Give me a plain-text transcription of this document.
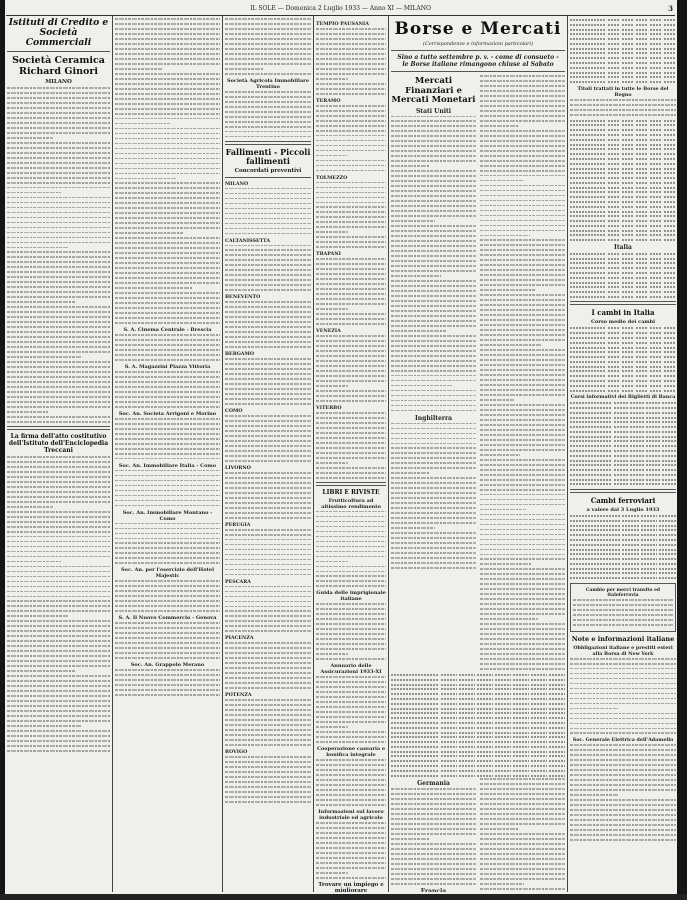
IL SOLE — Domenica 2 Luglio 1933 — Anno XI — MILANO	3
Istituti di Credito e Società Commerciali
Società Ceramica Richard Ginori
MILANO
La firma dell'atto costitutivo dell'Istituto dell'Enciclopedia Treccani
S. A. Cinema Centrale - Brescia
S. A. Magazzini Piazza Vittoria
Soc. An. Societa Arrigoni e Morino
Soc. An. Immobiliare Italia - Como
Soc. An. Immobiliare Montano - Como
Soc. An. per l'esercizio dell'Hotel Majestic
S. A. Il Nuovo Commercio - Genova
Soc. An. Grappolo Merano
Società Agricola Immobiliare Trentino
Fallimenti - Piccoli fallimenti
Concordati preventivi
MILANO
CALTANISSETTA
BENEVENTO
BERGAMO
COMO
LIVORNO
PERUGIA
PESCARA
PIACENZA
POTENZA
ROVIGO
TEMPIO PAUSANIA
TERAMO
TOLMEZZO
TRAPANI
VENEZIA
VITERBO
LIBRI E RIVISTE
Frutticoltura ad altissimo rendimento
Guida delle imprigionale italiane
Annuario delle Assicurazioni 1933-XI
Cooperazione casearia e bonifica integrale
Informazioni sul lavoro industriale ed agricolo
Trovare un impiego e migliorare
Borse e Mercati
(Corrispondenze e informazioni particolari)
Sino a tutto settembre p. v. - come di consueto - le Borse italiane rimangono chiuse al Sabato
Mercati Finanziari e Mercati Monetari
Stati Uniti
Inghilterra
Germania
Francia
Titoli trattati in tutte le Borse del Regno
Italia
I cambi in Italia
Corso medio dei cambi
Corsi informativi dei Biglietti di Banca
Cambi ferroviari
a valere dal 3 Luglio 1933
Cambio per merci transito ed italoferrovia
Note e informazioni italiane
Obbligazioni italiane e prestiti esteri alla Borsa di New York
Soc. Generale Elettrica dell'Adamello
